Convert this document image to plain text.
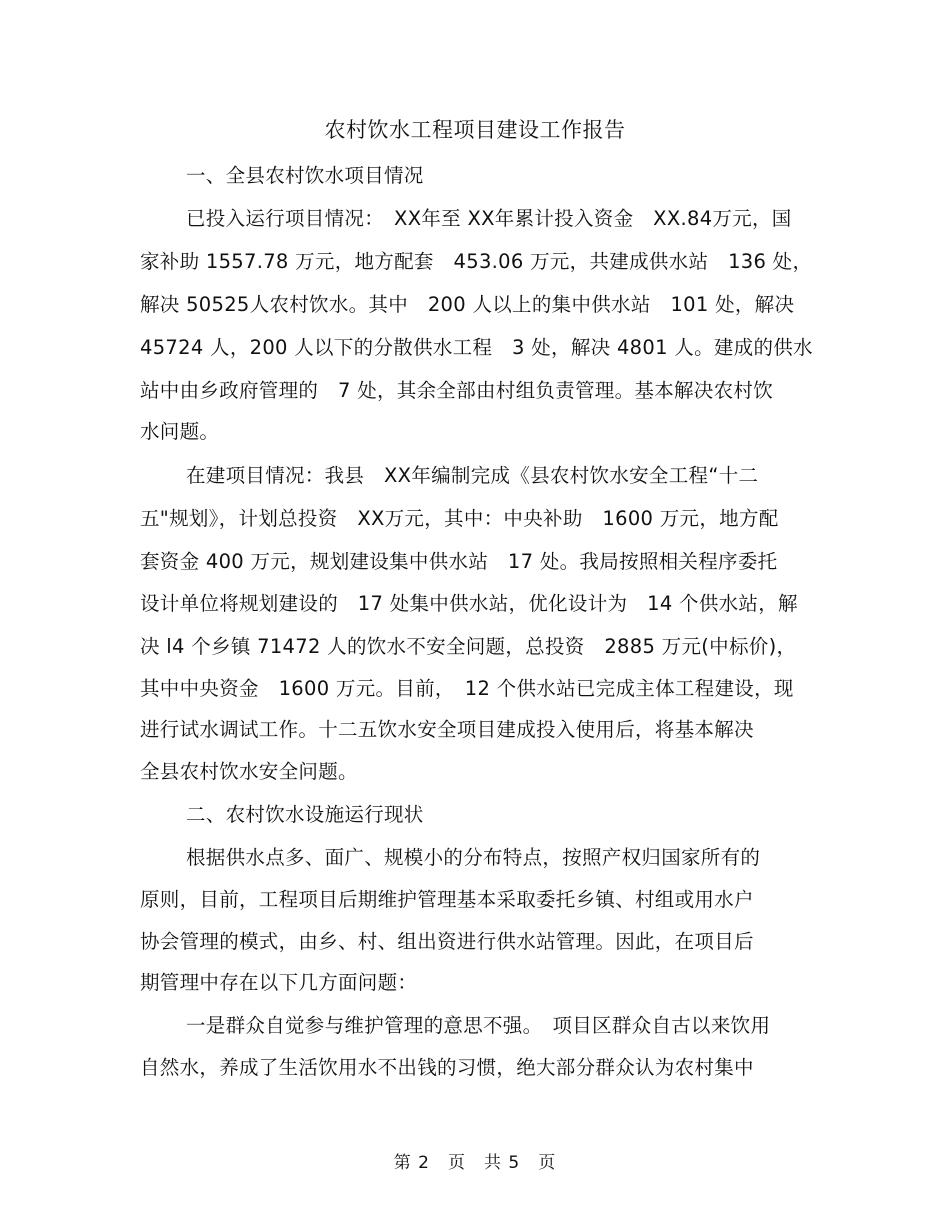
农村饮水工程项目建设工作报告
一、全县农村饮水项目情况
已投入运行项目情况：　XX年至 XX年累计投入资金　XX.84万元，国
家补助 1557.78 万元，地方配套　453.06 万元，共建成供水站　136 处，
解决 50525人农村饮水。其中　200 人以上的集中供水站　101 处，解决
45724 人，200 人以下的分散供水工程　3 处，解决 4801 人。建成的供水
站中由乡政府管理的　7 处，其余全部由村组负责管理。基本解决农村饮
水问题。
在建项目情况：我县　XX年编制完成《县农村饮水安全工程“十二
五"规划》，计划总投资　XX万元，其中：中央补助　1600 万元，地方配
套资金 400 万元，规划建设集中供水站　17 处。我局按照相关程序委托
设计单位将规划建设的　17 处集中供水站，优化设计为　14 个供水站，解
决 l4 个乡镇 71472 人的饮水不安全问题，总投资　2885 万元(中标价)，
其中中央资金　1600 万元。目前，　12 个供水站已完成主体工程建设，现
进行试水调试工作。十二五饮水安全项目建成投入使用后，将基本解决
全县农村饮水安全问题。
二、农村饮水设施运行现状
根据供水点多、面广、规模小的分布特点，按照产权归国家所有的
原则，目前，工程项目后期维护管理基本采取委托乡镇、村组或用水户
协会管理的模式，由乡、村、组出资进行供水站管理。因此，在项目后
期管理中存在以下几方面问题：
一是群众自觉参与维护管理的意思不强。　项目区群众自古以来饮用
自然水，养成了生活饮用水不出钱的习惯，绝大部分群众认为农村集中
第 2　页　共 5　页
